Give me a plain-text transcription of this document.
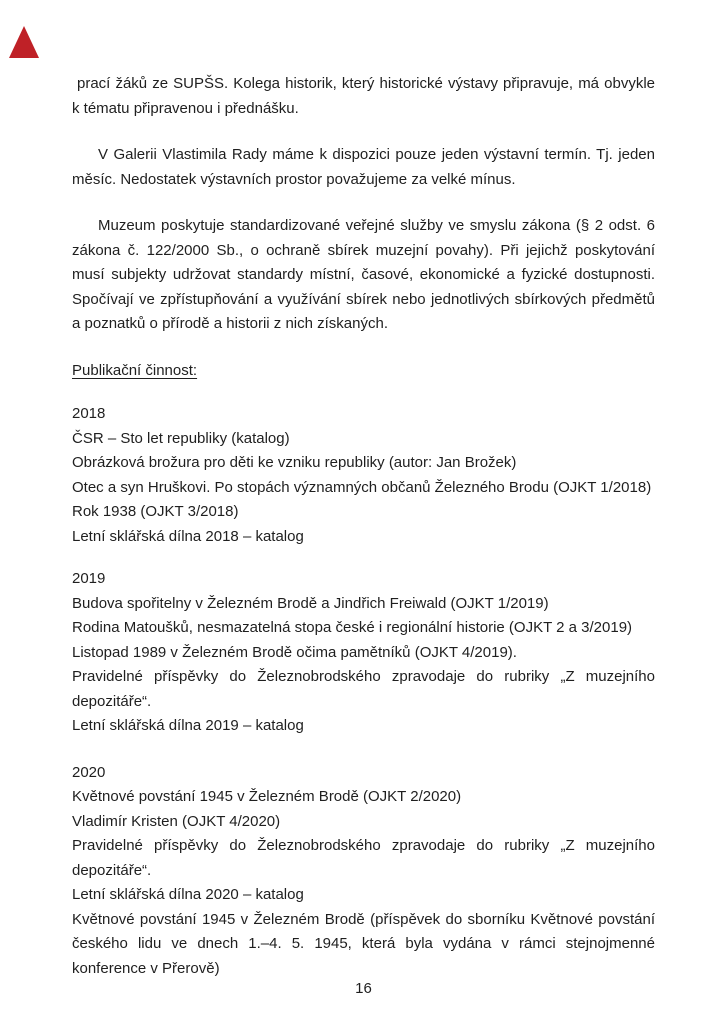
prací žáků ze SUPŠS. Kolega historik, který historické výstavy připravuje, má obvykle k tématu připravenou i přednášku.

V Galerii Vlastimila Rady máme k dispozici pouze jeden výstavní termín. Tj. jeden měsíc. Nedostatek výstavních prostor považujeme za velké mínus.

Muzeum poskytuje standardizované veřejné služby ve smyslu zákona (§ 2 odst. 6 zákona č. 122/2000 Sb., o ochraně sbírek muzejní povahy). Při jejichž poskytování musí subjekty udržovat standardy místní, časové, ekonomické a fyzické dostupnosti. Spočívají ve zpřístupňování a využívání sbírek nebo jednotlivých sbírkových předmětů a poznatků o přírodě a historii z nich získaných.

Publikační činnost:
2018
ČSR – Sto let republiky (katalog)
Obrázková brožura pro děti ke vzniku republiky (autor: Jan Brožek)
Otec a syn Hruškovi. Po stopách významných občanů Železného Brodu (OJKT 1/2018)
Rok 1938 (OJKT 3/2018)
Letní sklářská dílna 2018 – katalog
2019
Budova spořitelny v Železném Brodě a Jindřich Freiwald (OJKT 1/2019)
Rodina Matoušků, nesmazatelná stopa české i regionální historie (OJKT 2 a 3/2019)
Listopad 1989 v Železném Brodě očima pamětníků (OJKT 4/2019).
Pravidelné příspěvky do Železnobrodského zpravodaje do rubriky „Z muzejního depozitáře“.
Letní sklářská dílna 2019 – katalog
2020
Květnové povstání 1945 v Železném Brodě (OJKT 2/2020)
Vladimír Kristen (OJKT 4/2020)
Pravidelné příspěvky do Železnobrodského zpravodaje do rubriky „Z muzejního depozitáře“.
Letní sklářská dílna 2020 – katalog
Květnové povstání 1945 v Železném Brodě (příspěvek do sborníku Květnové povstání českého lidu ve dnech 1.–4. 5. 1945, která byla vydána v rámci stejnojmenné konference v Přerově)
16
